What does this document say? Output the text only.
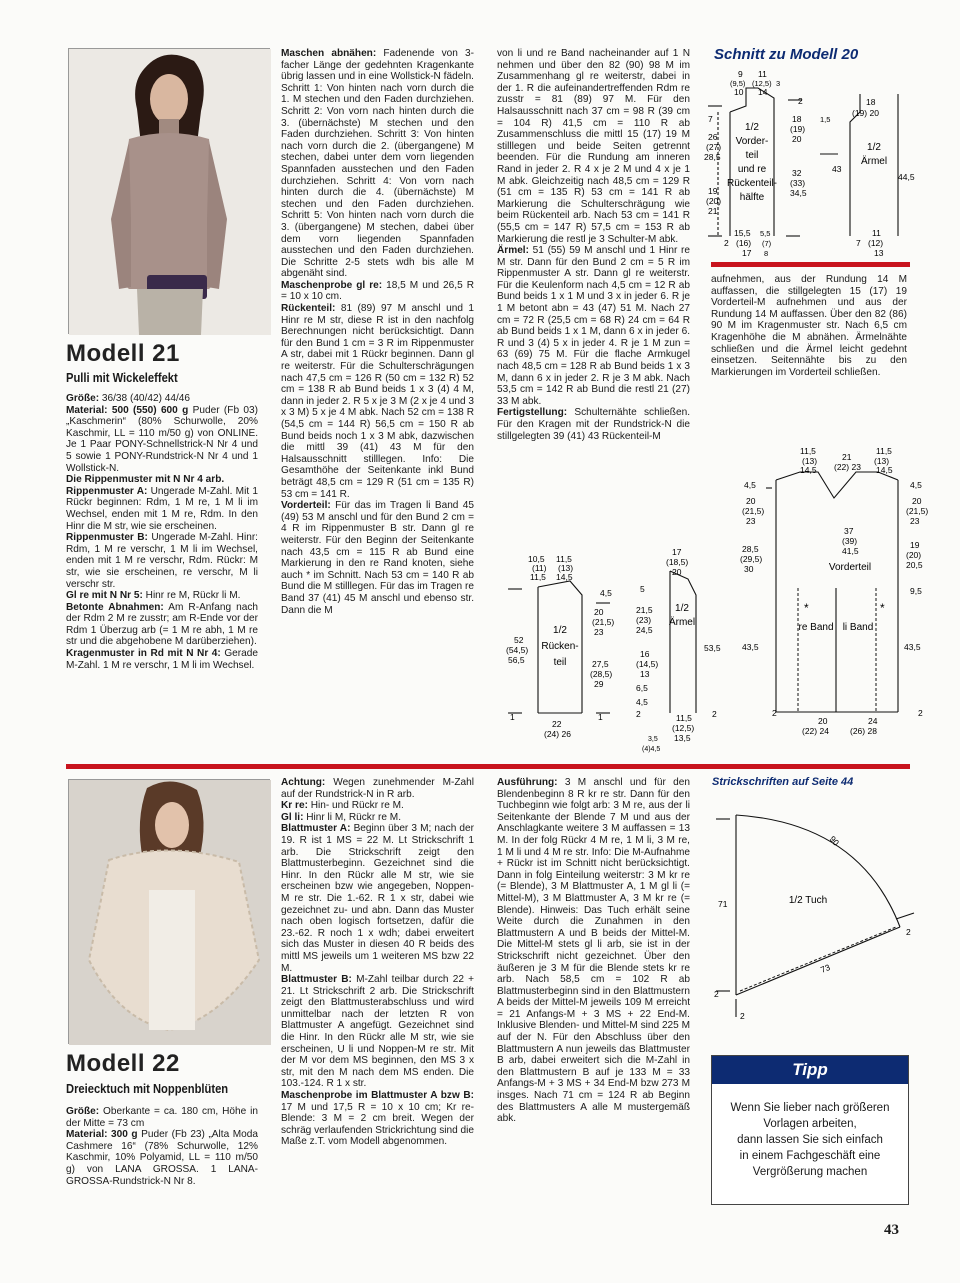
Modell 21
Pulli mit Wickeleffekt

Größe: 36/38 (40/42) 44/46

Material: 500 (550) 600 g Puder (Fb 03) „Kaschmerin“ (80% Schurwolle, 20% Kaschmir, LL = 110 m/50 g) von ONLINE. Je 1 Paar PONY-Schnellstrick-N Nr 4 und 5 sowie 1 PONY-Rundstrick-N Nr 4 und 1 Wollstick-N.

Die Rippenmuster mit N Nr 4 arb.

Rippenmuster A: Ungerade M-Zahl. Mit 1 Rückr beginnen: Rdm, 1 M re, 1 M li im Wechsel, enden mit 1 M re, Rdm. In den Hinr die M str, wie sie erscheinen.

Rippenmuster B: Ungerade M-Zahl. Hinr: Rdm, 1 M re verschr, 1 M li im Wechsel, enden mit 1 M re verschr, Rdm. Rückr: M str, wie sie erscheinen, re verschr, M li verschr str.

Gl re mit N Nr 5: Hinr re M, Rückr li M.

Betonte Abnahmen: Am R-Anfang nach der Rdm 2 M re zusstr; am R-Ende vor der Rdm 1 Überzug arb (= 1 M re abh, 1 M re str und die abgehobene M darüberziehen).

Kragenmuster in Rd mit N Nr 4: Gerade M-Zahl. 1 M re verschr, 1 M li im Wechsel.

Maschen abnähen: Fadenende von 3-facher Länge der gedehnten Kragenkante übrig lassen und in eine Wollstick-N fädeln. Schritt 1: Von hinten nach vorn durch die 1. M stechen und den Faden durchziehen. Schritt 2: Von vorn nach hinten durch die 3. (übernächste) M stechen und den Faden durchziehen. Schritt 3: Von hinten nach vorn durch die 2. (übergangene) M stechen, dabei unter dem vorn liegenden Spannfaden ausstechen und den Faden durchziehen. Schritt 4: Von vorn nach hinten durch die 4. (übernächste) M stechen und den Faden durchziehen. Schritt 5: Von hinten nach vorn durch die 3. (übergangene) M stechen, dabei über dem vorn liegenden Spannfaden ausstechen und den Faden durchziehen. Die Schritte 2-5 stets wdh bis alle M abgenäht sind.

Maschenprobe gl re: 18,5 M und 26,5 R = 10 x 10 cm.

Rückenteil: 81 (89) 97 M anschl und 1 Hinr re M str, diese R ist in den nachfolg Berechnungen nicht berücksichtigt. Dann für den Bund 1 cm = 3 R im Rippenmuster A str, dabei mit 1 Rückr beginnen. Dann gl re weiterstr. Für die Schulterschrägungen nach 47,5 cm = 126 R (50 cm = 132 R) 52 cm = 138 R ab Bund beids 1 x 3 (4) 4 M, dann in jeder 2. R 5 x je 3 M (2 x je 4 und 3 x 3 M) 5 x je 4 M abk. Nach 52 cm = 138 R (54,5 cm = 144 R) 56,5 cm = 150 R ab Bund beids noch 1 x 3 M abk, dazwischen die mittl 39 (41) 43 M für den Halsausschnitt stilllegen. Info: Die Gesamthöhe der Seitenkante inkl Bund beträgt 48,5 cm = 129 R (51 cm = 135 R) 53 cm = 141 R.

Vorderteil: Für das im Tragen li Band 45 (49) 53 M anschl und für den Bund 2 cm = 4 R im Rippenmuster B str. Dann gl re weiterstr. Für den Beginn der Seitenkante nach 43,5 cm = 115 R ab Bund eine Markierung in den re Rand knoten, siehe auch * im Schnitt. Nach 53 cm = 140 R ab Bund die M stilllegen. Für das im Tragen re Band 37 (41) 45 M anschl und ebenso str. Dann die M

von li und re Band nacheinander auf 1 N nehmen und über den 82 (90) 98 M im Zusammenhang gl re weiterstr, dabei in der 1. R die aufeinandertreffenden Rdm re zusstr = 81 (89) 97 M. Für den Halsausschnitt nach 37 cm = 98 R (39 cm = 104 R) 41,5 cm = 110 R ab Zusammenschluss die mittl 15 (17) 19 M stilllegen und beide Seiten getrennt beenden. Für die Rundung am inneren Rand in jeder 2. R 4 x je 2 M und 4 x je 1 M abk. Gleichzeitig nach 48,5 cm = 129 R (51 cm = 135 R) 53 cm = 141 R ab Markierung die Schulterschrägung wie beim Rückenteil arb. Nach 53 cm = 141 R (55,5 cm = 147 R) 57,5 cm = 153 R ab Markierung die restl je 3 Schulter-M abk.

Ärmel: 51 (55) 59 M anschl und 1 Hinr re M str. Dann für den Bund 2 cm = 5 R im Rippenmuster A str. Dann gl re weiterstr. Für die Keulenform nach 4,5 cm = 12 R ab Bund beids 1 x 1 M und 3 x in jeder 6. R je 1 M betont abn = 43 (47) 51 M. Nach 27 cm = 72 R (25,5 cm = 68 R) 24 cm = 64 R ab Bund beids 1 x 1 M, dann 6 x in jeder 6. R und 3 (4) 5 x in jeder 4. R je 1 M zun = 63 (69) 75 M. Für die flache Armkugel nach 48,5 cm = 128 R ab Bund beids 1 x 3 M, dann 6 x in jeder 2. R je 3 M abk. Nach 53,5 cm = 142 R ab Bund die restl 21 (27) 33 M abk.

Fertigstellung: Schulternähte schließen. Für den Kragen mit der Rundstrick-N die stillgelegten 39 (41) 43 Rückenteil-M

Schnitt zu Modell 20
9 11
(9,5) (12,5) 3
10 14
7
26
(27)
28,5
19
(20)
21
2
18
(19)
20
32
(33)
34,5
1/2
Vorder-
teil
und re
Rückenteil-
hälfte
15,5 5,5
2 (16) (7)
17 8
18
(19) 20
1,5
1/2
Ärmel
43
44,5
11
7 (12)
13

aufnehmen, aus der Rundung 14 M auffassen, die stillgelegten 15 (17) 19 Vorderteil-M aufnehmen und aus der Rundung 14 M auffassen. Über den 82 (86) 90 M im Kragenmuster str. Nach 6,5 cm Kragenhöhe die M abnähen. Ärmelnähte schließen und die Ärmel leicht gedehnt einsetzen. Seitennähte bis zu den Markierungen im Vorderteil schließen.

10,5 11,5
(11) (13)
11,5 14,5
4,5
52
(54,5)
56,5
1/2
Rücken-
teil
20
(21,5)
23
27,5
(28,5)
29
22
(24) 26
1	1
17
(18,5)
20
5
21,5
(23)
24,5
1/2
Ärmel
16
(14,5)
13
6,5
4,5
2
53,5
2
11,5
(12,5)
13,5
3,5
(4)4,5
11,5
(13)
14,5
21
(22) 23
11,5
(13)
14,5
4,5
20
(21,5)
23
28,5
(29,5)
30
43,5
37
(39)
41,5
Vorderteil
re Band li Band
*	*
4,5
20
(21,5)
23
19
(20)
20,5
9,5
43,5
20
(22) 24
24
(26) 28
2	2
Modell 22
Dreiecktuch mit Noppenblüten

Größe: Oberkante = ca. 180 cm, Höhe in der Mitte = 73 cm

Material: 300 g Puder (Fb 23) „Alta Moda Cashmere 16“ (78% Schurwolle, 12% Kaschmir, 10% Polyamid, LL = 110 m/50 g) von LANA GROSSA. 1 LANA-GROSSA-Rundstrick-N Nr 8.

Achtung: Wegen zunehmender M-Zahl auf der Rundstrick-N in R arb.

Kr re: Hin- und Rückr re M.

Gl li: Hinr li M, Rückr re M.

Blattmuster A: Beginn über 3 M; nach der 19. R ist 1 MS = 22 M. Lt Strickschrift 1 arb. Die Strickschrift zeigt den Blattmusterbeginn. Gezeichnet sind die Hinr. In den Rückr alle M str, wie sie erscheinen bzw wie angegeben, Noppen-M re str. Die 1.-62. R 1 x str, dabei wie gezeichnet zu- und abn. Dann das Muster nach oben logisch fortsetzen, dafür die 23.-62. R noch 1 x wdh; dabei erweitert sich das Muster in diesen 40 R beids des mittl MS jeweils um 1 weiteren MS bzw 22 M.

Blattmuster B: M-Zahl teilbar durch 22 + 21. Lt Strickschrift 2 arb. Die Strickschrift zeigt den Blattmusterabschluss und wird unmittelbar nach der letzten R von Blattmuster A angefügt. Gezeichnet sind die Hinr. In den Rückr alle M str, wie sie erscheinen, U li und Noppen-M re str. Mit der M vor dem MS beginnen, den MS 3 x str, mit den M nach dem MS enden. Die 103.-124. R 1 x str.

Maschenprobe im Blattmuster A bzw B: 17 M und 17,5 R = 10 x 10 cm; Kr re-Blende: 3 M = 2 cm breit. Wegen der schräg verlaufenden Strickrichtung sind die Maße z.T. vom Modell abgenommen.

Ausführung: 3 M anschl und für den Blendenbeginn 8 R kr re str. Dann für den Tuchbeginn wie folgt arb: 3 M re, aus der li Seitenkante der Blende 7 M und aus der Anschlagkante weitere 3 M auffassen = 13 M. In der folg Rückr 4 M re, 1 M li, 3 M re, 1 M li und 4 M re str. Info: Die M-Aufnahme + Rückr ist im Schnitt nicht berücksichtigt. Dann in folg Einteilung weiterstr: 3 M kr re (= Blende), 3 M Blattmuster A, 1 M gl li (= Mittel-M), 3 M Blattmuster A, 3 M kr re (= Blende). Hinweis: Das Tuch erhält seine Weite durch die Zunahmen in den Blattmustern A und B beids der Mittel-M. Die Mittel-M stets gl li arb, sie ist in der Strickschrift nicht gezeichnet. Über den äußeren je 3 M für die Blende stets kr re arb. Nach 58,5 cm = 102 R ab Blattmusterbeginn sind in den Blattmustern A beids der Mittel-M jeweils 109 M erreicht = 21 Anfangs-M + 3 MS + 22 End-M. Inklusive Blenden- und Mittel-M sind 225 M auf der N. Für den Abschluss über den Blattmustern A nun jeweils das Blattmuster B arb, dabei erweitert sich die M-Zahl in den Blattmustern B auf je 133 M = 33 Anfangs-M + 3 MS + 34 End-M bzw 273 M insges. Nach 71 cm = 124 R ab Beginn des Blattmusters A alle M mustergemäß abk.

Strickschriften auf Seite 44
90
71
73
1/2 Tuch
2
2
2
Tipp
Wenn Sie lieber nach größeren
Vorlagen arbeiten,
dann lassen Sie sich einfach
in einem Fachgeschäft eine
Vergrößerung machen
43
